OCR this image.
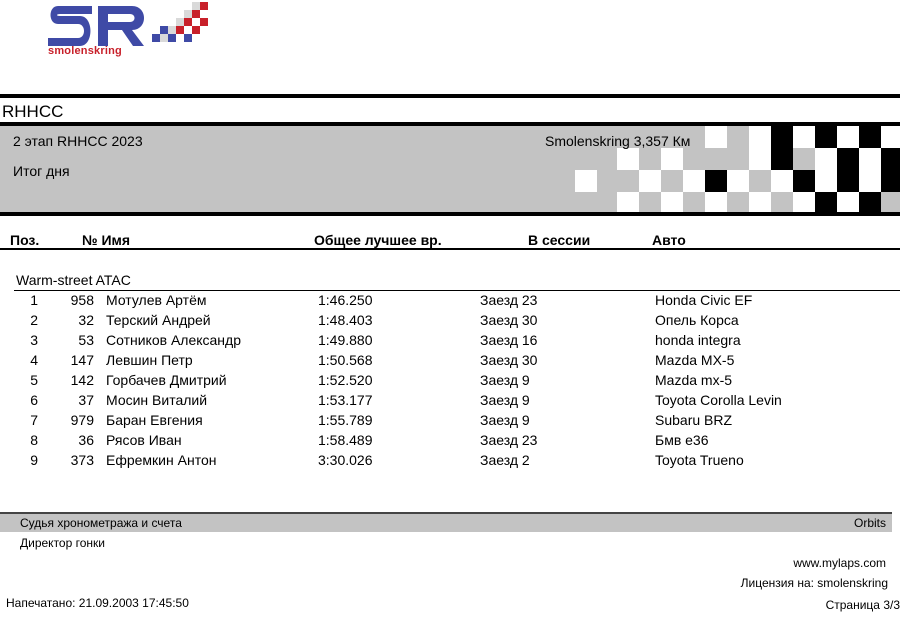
smolenskring
RHHCC
2 этап RHHCC 2023
Итог дня
Smolenskring 3,357 Км
Поз.	№ Имя	Общее лучшее вр.	В сессии	Авто
Warm-street ATAC
1	958 Мотулев Артём	1:46.250	Заезд 23	Honda Civic EF
2	32 Терский Андрей	1:48.403	Заезд 30	Опель Корса
3	53 Сотников Александр	1:49.880	Заезд 16	honda integra
4	147 Левшин Петр	1:50.568	Заезд 30	Mazda MX-5
5	142 Горбачев Дмитрий	1:52.520	Заезд 9	Mazda mx-5
6	37 Мосин Виталий	1:53.177	Заезд 9	Toyota Corolla Levin
7	979 Баран Евгения	1:55.789	Заезд 9	Subaru BRZ
8	36 Рясов Иван	1:58.489	Заезд 23	Бмв е36
9	373 Ефремкин Антон	3:30.026	Заезд 2	Toyota Trueno
Судья хронометража и счета	Orbits
Директор гонки
www.mylaps.com
Лицензия на: smolenskring
Напечатано: 21.09.2003 17:45:50	Страница 3/3
